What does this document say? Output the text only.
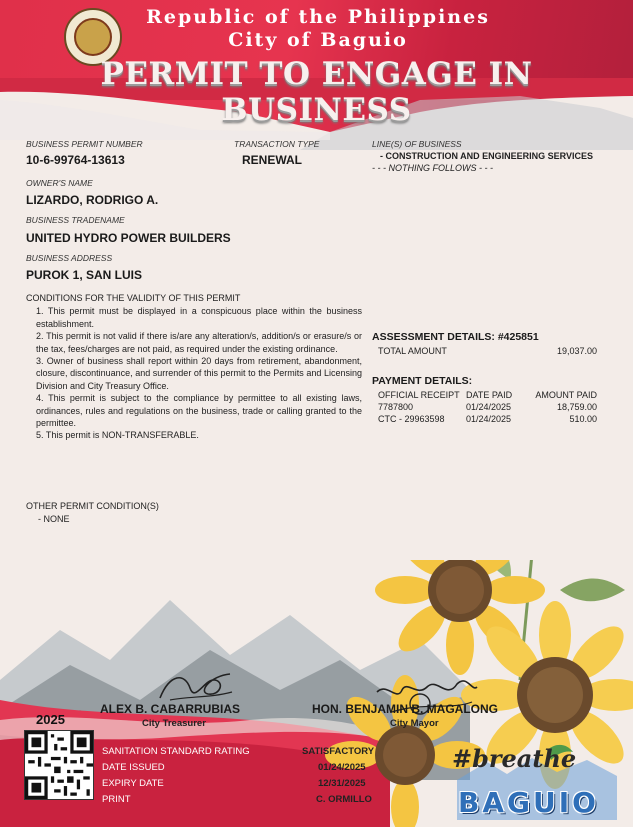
Republic of the Philippines
City of Baguio
PERMIT TO ENGAGE IN BUSINESS
BUSINESS PERMIT NUMBER
10-6-99764-13613
TRANSACTION TYPE
RENEWAL
OWNER'S NAME
LIZARDO, RODRIGO A.
BUSINESS TRADENAME
UNITED HYDRO POWER BUILDERS
BUSINESS ADDRESS
PUROK 1, SAN LUIS
LINE(S) OF BUSINESS
- CONSTRUCTION AND ENGINEERING SERVICES
- - - NOTHING FOLLOWS - - -
CONDITIONS FOR THE VALIDITY OF THIS PERMIT
1. This permit must be displayed in a conspicuous place within the business establishment.
2. This permit is not valid if there is/are any alteration/s, addition/s or erasure/s or the tax, fees/charges are not paid, as required under the existing ordinance.
3. Owner of business shall report within 20 days from retirement, abandonment, closure, discontinuance, and surrender of this permit to the Permits and Licensing Division and City Treasury Office.
4. This permit is subject to the compliance by permittee to all existing laws, ordinances, rules and regulations on the business, trade or calling granted to the permittee.
5. This permit is NON-TRANSFERABLE.
OTHER PERMIT CONDITION(S)
- NONE
ASSESSMENT DETAILS: #425851
TOTAL AMOUNT	19,037.00
PAYMENT DETAILS:
OFFICIAL RECEIPT DATE PAID	AMOUNT PAID
7787800	01/24/2025	18,759.00
CTC - 29963598 01/24/2025	510.00
ALEX B. CABARRUBIAS
City Treasurer
HON. BENJAMIN B. MAGALONG
City Mayor
2025
SANITATION STANDARD RATING	SATISFACTORY
DATE ISSUED	01/24/2025
EXPIRY DATE	12/31/2025
PRINT	C. ORMILLO
#breathe
BAGUIO
